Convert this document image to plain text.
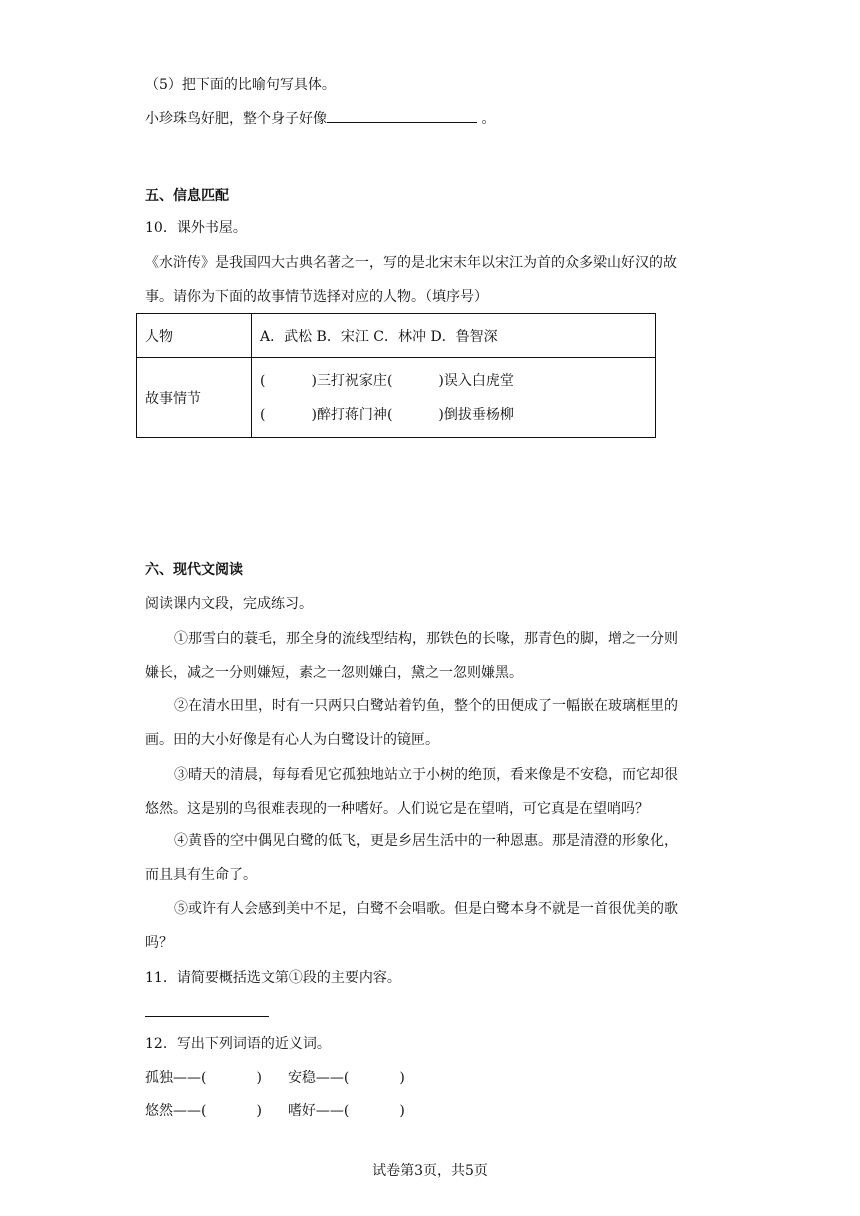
（5）把下面的比喻句写具体。
小珍珠鸟好肥，整个身子好像	。
五、信息匹配
10．课外书屋。
《水浒传》是我国四大古典名著之一，写的是北宋末年以宋江为首的众多梁山好汉的故
事。请你为下面的故事情节选择对应的人物。（填序号）
人物	A．武松 B．宋江 C．林冲 D．鲁智深
故事情节	( )三打祝家庄( )误入白虎堂
( )醉打蒋门神( )倒拔垂杨柳
六、现代文阅读
阅读课内文段，完成练习。
①那雪白的蓑毛，那全身的流线型结构，那铁色的长喙，那青色的脚，增之一分则
嫌长，减之一分则嫌短，素之一忽则嫌白，黛之一忽则嫌黑。
②在清水田里，时有一只两只白鹭站着钓鱼，整个的田便成了一幅嵌在玻璃框里的
画。田的大小好像是有心人为白鹭设计的镜匣。
③晴天的清晨，每每看见它孤独地站立于小树的绝顶，看来像是不安稳，而它却很
悠然。这是别的鸟很难表现的一种嗜好。人们说它是在望哨，可它真是在望哨吗？
④黄昏的空中偶见白鹭的低飞，更是乡居生活中的一种恩惠。那是清澄的形象化，
而且具有生命了。
⑤或许有人会感到美中不足，白鹭不会唱歌。但是白鹭本身不就是一首很优美的歌
吗？
11．请简要概括选文第①段的主要内容。
12．写出下列词语的近义词。
孤独——(	) 安稳——(	)
悠然——(	) 嗜好——(	)
试卷第3页，共5页
